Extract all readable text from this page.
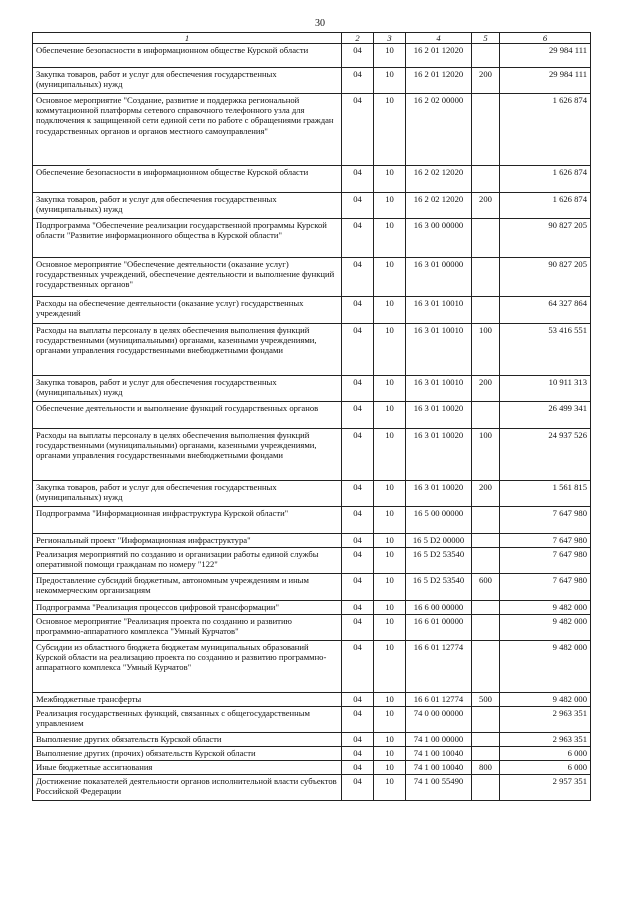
30
1	2	3	4	5	6
Обеспечение безопасности в информационном обществе Курской области	04	10	16 2 01 12020		29 984 111
Закупка товаров, работ и услуг для обеспечения государственных (муниципальных) нужд	04	10	16 2 01 12020	200	29 984 111
Основное мероприятие "Создание, развитие и поддержка региональной коммутационной платформы сетевого справочного телефонного узла для подключения к защищенной сети единой сети по работе с обращениями граждан государственных органов и органов местного самоуправления"	04	10	16 2 02 00000		1 626 874
Обеспечение безопасности в информационном обществе Курской области	04	10	16 2 02 12020		1 626 874
Закупка товаров, работ и услуг для обеспечения государственных (муниципальных) нужд	04	10	16 2 02 12020	200	1 626 874
Подпрограмма "Обеспечение реализации государственной программы Курской области "Развитие информационного общества в Курской области"	04	10	16 3 00 00000		90 827 205
Основное мероприятие "Обеспечение деятельности (оказание услуг) государственных учреждений, обеспечение деятельности и выполнение функций государственных органов"	04	10	16 3 01 00000		90 827 205
Расходы на обеспечение деятельности (оказание услуг) государственных учреждений	04	10	16 3 01 10010		64 327 864
Расходы на выплаты персоналу в целях обеспечения выполнения функций государственными (муниципальными) органами, казенными учреждениями, органами управления государственными внебюджетными фондами	04	10	16 3 01 10010	100	53 416 551
Закупка товаров, работ и услуг для обеспечения государственных (муниципальных) нужд	04	10	16 3 01 10010	200	10 911 313
Обеспечение деятельности и выполнение функций государственных органов	04	10	16 3 01 10020		26 499 341
Расходы на выплаты персоналу в целях обеспечения выполнения функций государственными (муниципальными) органами, казенными учреждениями, органами управления государственными внебюджетными фондами	04	10	16 3 01 10020	100	24 937 526
Закупка товаров, работ и услуг для обеспечения государственных (муниципальных) нужд	04	10	16 3 01 10020	200	1 561 815
Подпрограмма "Информационная инфраструктура Курской области"	04	10	16 5 00 00000		7 647 980
Региональный проект "Информационная инфраструктура"	04	10	16 5 D2 00000		7 647 980
Реализация мероприятий по созданию и организации работы единой службы оперативной помощи гражданам по номеру "122"	04	10	16 5 D2 53540		7 647 980
Предоставление субсидий бюджетным, автономным учреждениям и иным некоммерческим организациям	04	10	16 5 D2 53540	600	7 647 980
Подпрограмма "Реализация процессов цифровой трансформации"	04	10	16 6 00 00000		9 482 000
Основное мероприятие "Реализация проекта по созданию и развитию программно-аппаратного комплекса "Умный Курчатов"	04	10	16 6 01 00000		9 482 000
Субсидии из областного бюджета бюджетам муниципальных образований Курской области на реализацию проекта по созданию и развитию программно-аппаратного комплекса "Умный Курчатов"	04	10	16 6 01 12774		9 482 000
Межбюджетные трансферты	04	10	16 6 01 12774	500	9 482 000
Реализация государственных функций, связанных с общегосударственным управлением	04	10	74 0 00 00000		2 963 351
Выполнение других обязательств Курской области	04	10	74 1 00 00000		2 963 351
Выполнение других (прочих) обязательств Курской области	04	10	74 1 00 10040		6 000
Иные бюджетные ассигнования	04	10	74 1 00 10040	800	6 000
Достижение показателей деятельности органов исполнительной власти субъектов Российской Федерации	04	10	74 1 00 55490		2 957 351
